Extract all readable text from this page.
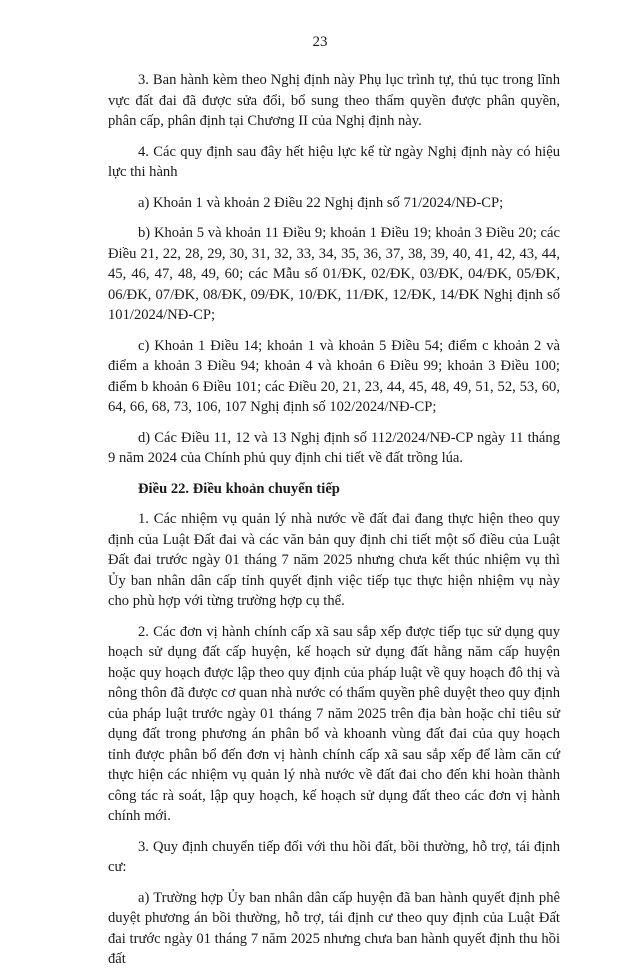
23

3. Ban hành kèm theo Nghị định này Phụ lục trình tự, thủ tục trong lĩnh vực đất đai đã được sửa đổi, bổ sung theo thẩm quyền được phân quyền, phân cấp, phân định tại Chương II của Nghị định này.

4. Các quy định sau đây hết hiệu lực kể từ ngày Nghị định này có hiệu lực thi hành

a) Khoản 1 và khoản 2 Điều 22 Nghị định số 71/2024/NĐ-CP;

b) Khoản 5 và khoản 11 Điều 9; khoản 1 Điều 19; khoản 3 Điều 20; các Điều 21, 22, 28, 29, 30, 31, 32, 33, 34, 35, 36, 37, 38, 39, 40, 41, 42, 43, 44, 45, 46, 47, 48, 49, 60; các Mẫu số 01/ĐK, 02/ĐK, 03/ĐK, 04/ĐK, 05/ĐK, 06/ĐK, 07/ĐK, 08/ĐK, 09/ĐK, 10/ĐK, 11/ĐK, 12/ĐK, 14/ĐK Nghị định số 101/2024/NĐ-CP;

c) Khoản 1 Điều 14; khoản 1 và khoản 5 Điều 54; điểm c khoản 2 và điểm a khoản 3 Điều 94; khoản 4 và khoản 6 Điều 99; khoản 3 Điều 100; điểm b khoản 6 Điều 101; các Điều 20, 21, 23, 44, 45, 48, 49, 51, 52, 53, 60, 64, 66, 68, 73, 106, 107 Nghị định số 102/2024/NĐ-CP;

d) Các Điều 11, 12 và 13 Nghị định số 112/2024/NĐ-CP ngày 11 tháng 9 năm 2024 của Chính phủ quy định chi tiết về đất trồng lúa.

Điều 22. Điều khoản chuyển tiếp

1. Các nhiệm vụ quản lý nhà nước về đất đai đang thực hiện theo quy định của Luật Đất đai và các văn bản quy định chi tiết một số điều của Luật Đất đai trước ngày 01 tháng 7 năm 2025 nhưng chưa kết thúc nhiệm vụ thì Ủy ban nhân dân cấp tỉnh quyết định việc tiếp tục thực hiện nhiệm vụ này cho phù hợp với từng trường hợp cụ thể.

2. Các đơn vị hành chính cấp xã sau sắp xếp được tiếp tục sử dụng quy hoạch sử dụng đất cấp huyện, kế hoạch sử dụng đất hằng năm cấp huyện hoặc quy hoạch được lập theo quy định của pháp luật về quy hoạch đô thị và nông thôn đã được cơ quan nhà nước có thẩm quyền phê duyệt theo quy định của pháp luật trước ngày 01 tháng 7 năm 2025 trên địa bàn hoặc chỉ tiêu sử dụng đất trong phương án phân bổ và khoanh vùng đất đai của quy hoạch tỉnh được phân bổ đến đơn vị hành chính cấp xã sau sắp xếp để làm căn cứ thực hiện các nhiệm vụ quản lý nhà nước về đất đai cho đến khi hoàn thành công tác rà soát, lập quy hoạch, kế hoạch sử dụng đất theo các đơn vị hành chính mới.

3. Quy định chuyển tiếp đối với thu hồi đất, bồi thường, hỗ trợ, tái định cư:

a) Trường hợp Ủy ban nhân dân cấp huyện đã ban hành quyết định phê duyệt phương án bồi thường, hỗ trợ, tái định cư theo quy định của Luật Đất đai trước ngày 01 tháng 7 năm 2025 nhưng chưa ban hành quyết định thu hồi đất
